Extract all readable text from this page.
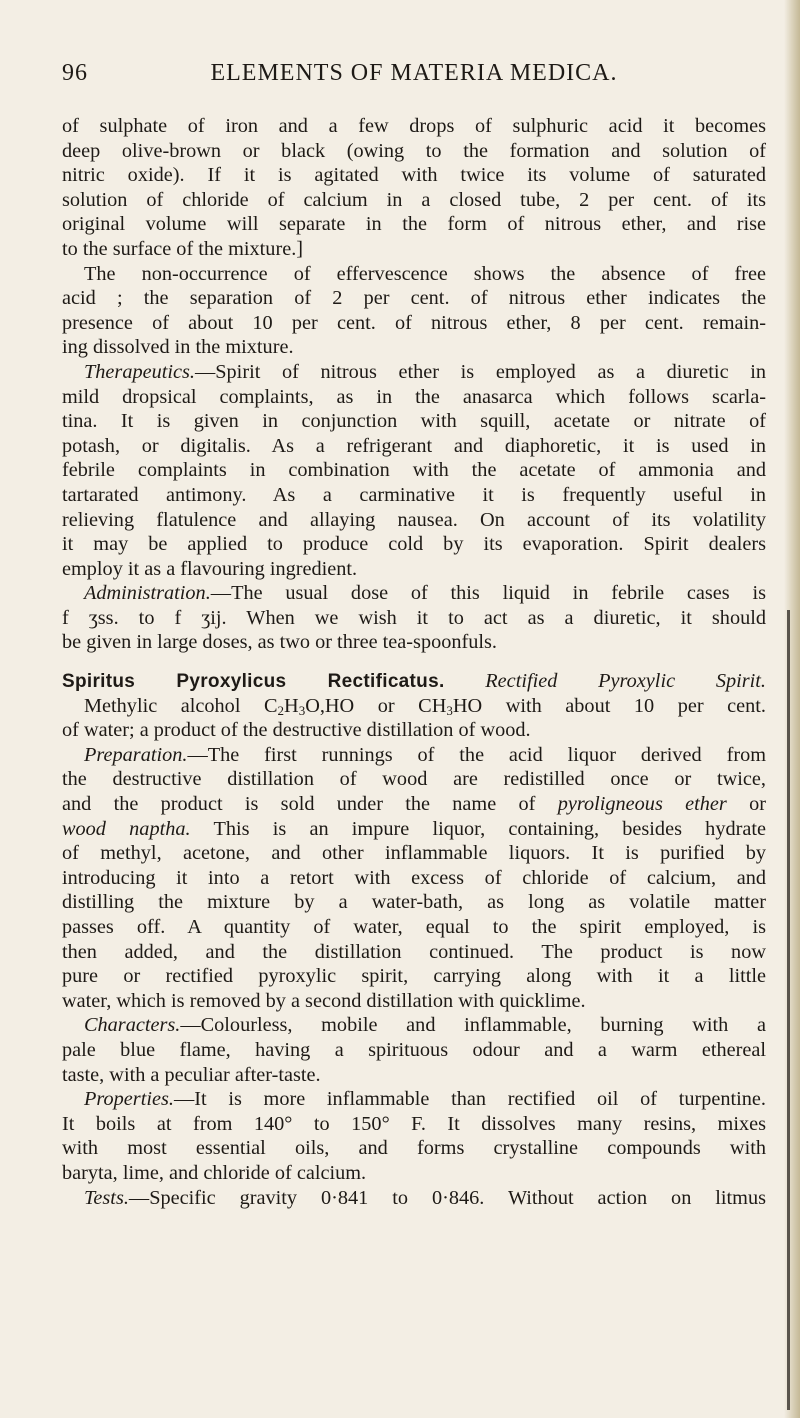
96	ELEMENTS OF MATERIA MEDICA.
of sulphate of iron and a few drops of sulphuric acid it becomes
deep olive-brown or black (owing to the formation and solution of
nitric oxide). If it is agitated with twice its volume of saturated
solution of chloride of calcium in a closed tube, 2 per cent. of its
original volume will separate in the form of nitrous ether, and rise
to the surface of the mixture.]
The non-occurrence of effervescence shows the absence of free
acid ; the separation of 2 per cent. of nitrous ether indicates the
presence of about 10 per cent. of nitrous ether, 8 per cent. remain-
ing dissolved in the mixture.
Therapeutics.—Spirit of nitrous ether is employed as a diuretic in
mild dropsical complaints, as in the anasarca which follows scarla-
tina. It is given in conjunction with squill, acetate or nitrate of
potash, or digitalis. As a refrigerant and diaphoretic, it is used in
febrile complaints in combination with the acetate of ammonia and
tartarated antimony. As a carminative it is frequently useful in
relieving flatulence and allaying nausea. On account of its volatility
it may be applied to produce cold by its evaporation. Spirit dealers
employ it as a flavouring ingredient.
Administration.—The usual dose of this liquid in febrile cases is
f ʒss. to f ʒij. When we wish it to act as a diuretic, it should
be given in large doses, as two or three tea-spoonfuls.
Spiritus Pyroxylicus Rectificatus. Rectified Pyroxylic Spirit.
Methylic alcohol $C_2H_3O,HO$ or $CH_3HO$ with about 10 per cent.
of water; a product of the destructive distillation of wood.
Preparation.—The first runnings of the acid liquor derived from
the destructive distillation of wood are redistilled once or twice,
and the product is sold under the name of pyroligneous ether or
wood naptha. This is an impure liquor, containing, besides hydrate
of methyl, acetone, and other inflammable liquors. It is purified by
introducing it into a retort with excess of chloride of calcium, and
distilling the mixture by a water-bath, as long as volatile matter
passes off. A quantity of water, equal to the spirit employed, is
then added, and the distillation continued. The product is now
pure or rectified pyroxylic spirit, carrying along with it a little
water, which is removed by a second distillation with quicklime.
Characters.—Colourless, mobile and inflammable, burning with a
pale blue flame, having a spirituous odour and a warm ethereal
taste, with a peculiar after-taste.
Properties.—It is more inflammable than rectified oil of turpentine.
It boils at from 140° to 150° F. It dissolves many resins, mixes
with most essential oils, and forms crystalline compounds with
baryta, lime, and chloride of calcium.
Tests.—Specific gravity 0·841 to 0·846. Without action on litmus
